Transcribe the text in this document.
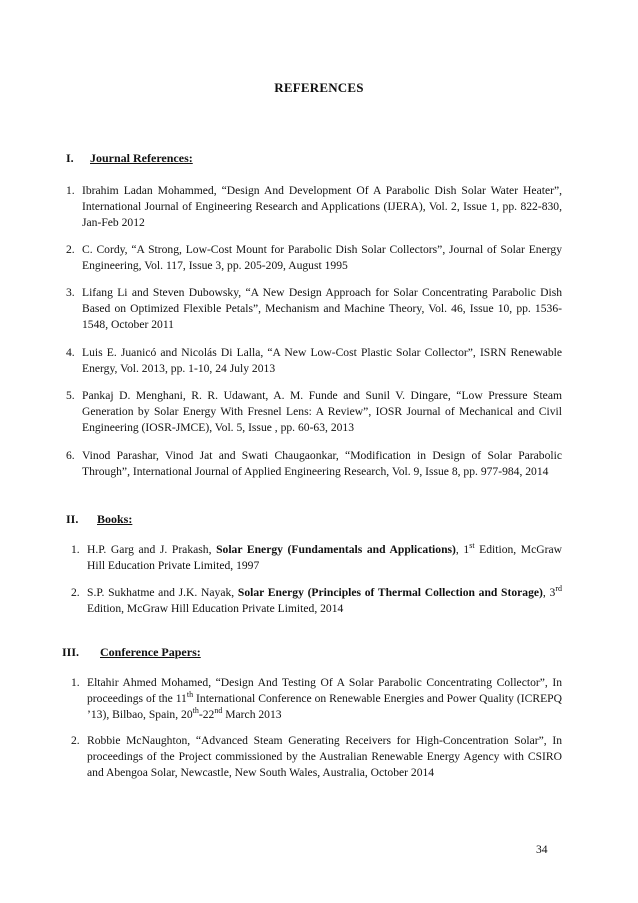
REFERENCES
I. Journal References:
1. Ibrahim Ladan Mohammed, “Design And Development Of A Parabolic Dish Solar Water Heater”, International Journal of Engineering Research and Applications (IJERA), Vol. 2, Issue 1, pp. 822-830, Jan-Feb 2012
2. C. Cordy, “A Strong, Low-Cost Mount for Parabolic Dish Solar Collectors”, Journal of Solar Energy Engineering, Vol. 117, Issue 3, pp. 205-209, August 1995
3. Lifang Li and Steven Dubowsky, “A New Design Approach for Solar Concentrating Parabolic Dish Based on Optimized Flexible Petals”, Mechanism and Machine Theory, Vol. 46, Issue 10, pp. 1536-1548, October 2011
4. Luis E. Juanicó and Nicolás Di Lalla, “A New Low-Cost Plastic Solar Collector”, ISRN Renewable Energy, Vol. 2013, pp. 1-10, 24 July 2013
5. Pankaj D. Menghani, R. R. Udawant, A. M. Funde and Sunil V. Dingare, “Low Pressure Steam Generation by Solar Energy With Fresnel Lens: A Review”, IOSR Journal of Mechanical and Civil Engineering (IOSR-JMCE), Vol. 5, Issue , pp. 60-63, 2013
6. Vinod Parashar, Vinod Jat and Swati Chaugaonkar, “Modification in Design of Solar Parabolic Through”, International Journal of Applied Engineering Research, Vol. 9, Issue 8, pp. 977-984, 2014
II. Books:
1. H.P. Garg and J. Prakash, Solar Energy (Fundamentals and Applications), 1st Edition, McGraw Hill Education Private Limited, 1997
2. S.P. Sukhatme and J.K. Nayak, Solar Energy (Principles of Thermal Collection and Storage), 3rd Edition, McGraw Hill Education Private Limited, 2014
III. Conference Papers:
1. Eltahir Ahmed Mohamed, “Design And Testing Of A Solar Parabolic Concentrating Collector”, In proceedings of the 11th International Conference on Renewable Energies and Power Quality (ICREPQ ’13), Bilbao, Spain, 20th-22nd March 2013
2. Robbie McNaughton, “Advanced Steam Generating Receivers for High-Concentration Solar”, In proceedings of the Project commissioned by the Australian Renewable Energy Agency with CSIRO and Abengoa Solar, Newcastle, New South Wales, Australia, October 2014
34
